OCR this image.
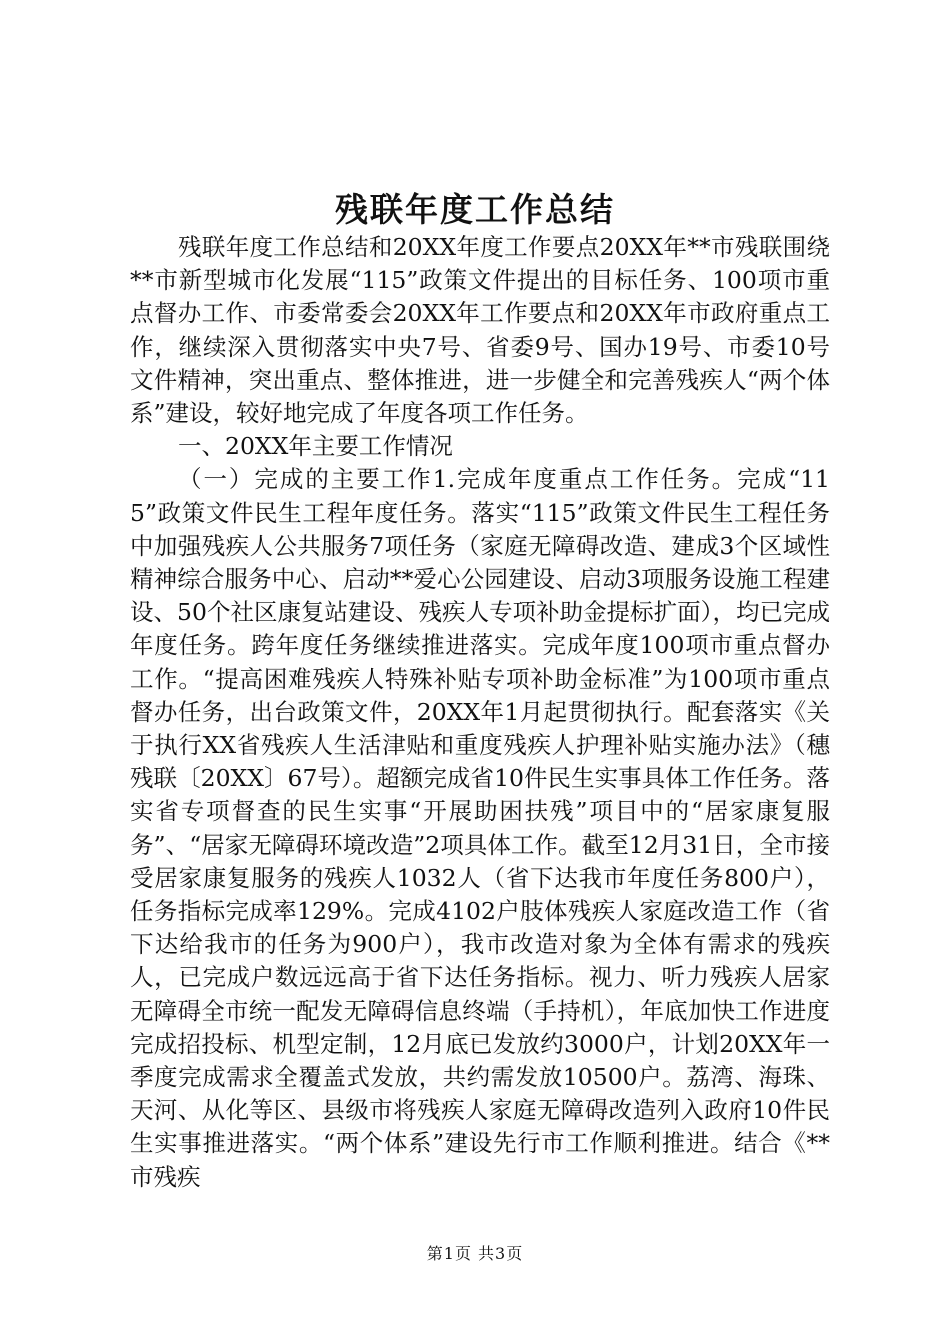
残联年度工作总结

残联年度工作总结和20XX年度工作要点20XX年**市残联围绕**市新型城市化发展“115”政策文件提出的目标任务、100项市重点督办工作、市委常委会20XX年工作要点和20XX年市政府重点工作，继续深入贯彻落实中央7号、省委9号、国办19号、市委10号文件精神，突出重点、整体推进，进一步健全和完善残疾人“两个体系”建设，较好地完成了年度各项工作任务。

一、20XX年主要工作情况

（一）完成的主要工作1.完成年度重点工作任务。完成“115”政策文件民生工程年度任务。落实“115”政策文件民生工程任务中加强残疾人公共服务7项任务（家庭无障碍改造、建成3个区域性精神综合服务中心、启动**爱心公园建设、启动3项服务设施工程建设、50个社区康复站建设、残疾人专项补助金提标扩面），均已完成年度任务。跨年度任务继续推进落实。完成年度100项市重点督办工作。“提高困难残疾人特殊补贴专项补助金标准”为100项市重点督办任务，出台政策文件，20XX年1月起贯彻执行。配套落实《关于执行XX省残疾人生活津贴和重度残疾人护理补贴实施办法》（穗残联〔20XX〕67号）。超额完成省10件民生实事具体工作任务。落实省专项督查的民生实事“开展助困扶残”项目中的“居家康复服务”、“居家无障碍环境改造”2项具体工作。截至12月31日，全市接受居家康复服务的残疾人1032人（省下达我市年度任务800户），任务指标完成率129%。完成4102户肢体残疾人家庭改造工作（省下达给我市的任务为900户），我市改造对象为全体有需求的残疾人，已完成户数远远高于省下达任务指标。视力、听力残疾人居家无障碍全市统一配发无障碍信息终端（手持机），年底加快工作进度完成招投标、机型定制，12月底已发放约3000户，计划20XX年一季度完成需求全覆盖式发放，共约需发放10500户。荔湾、海珠、天河、从化等区、县级市将残疾人家庭无障碍改造列入政府10件民生实事推进落实。“两个体系”建设先行市工作顺利推进。结合《**市残疾

第1页 共3页
